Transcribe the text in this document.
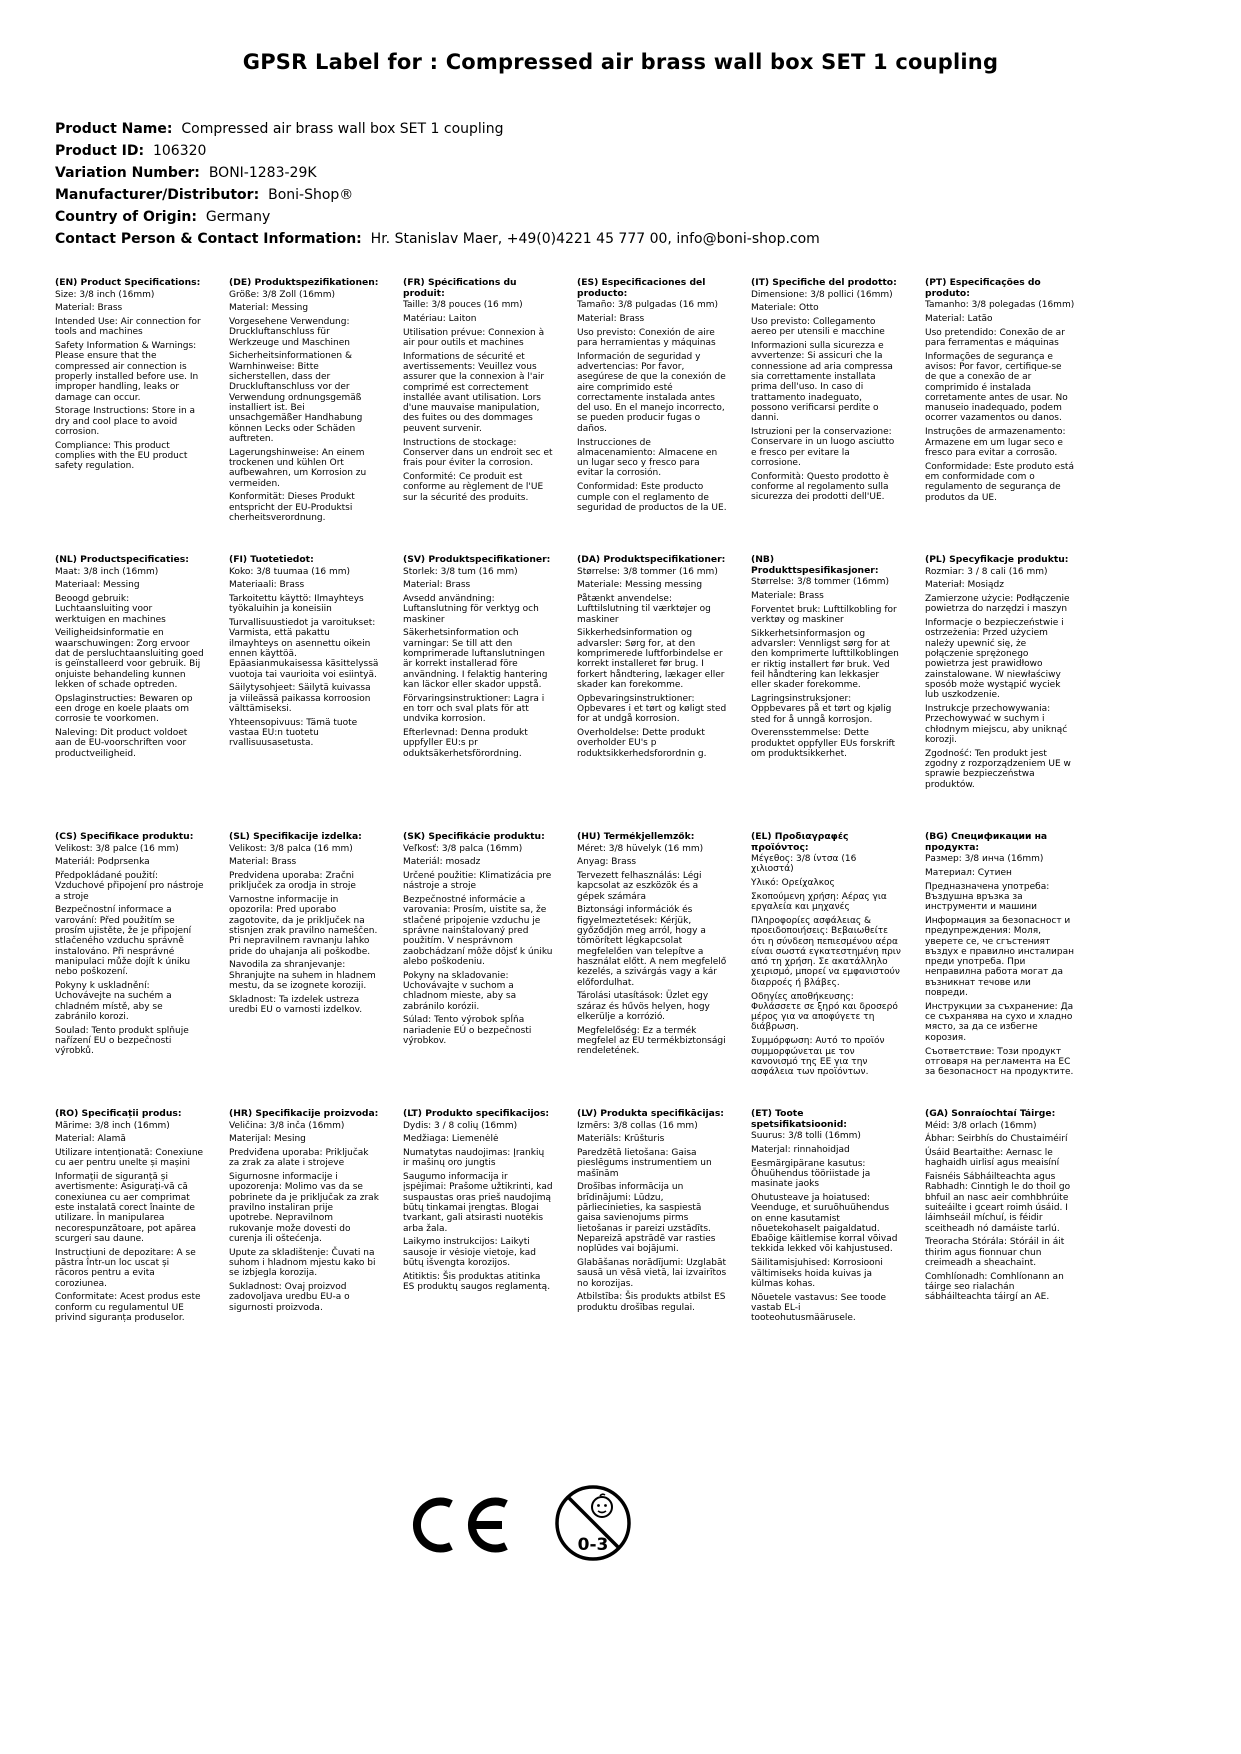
GPSR Label for : Compressed air brass wall box SET 1 coupling
Product Name:  Compressed air brass wall box SET 1 coupling
Product ID:  106320
Variation Number:  BONI-1283-29K
Manufacturer/Distributor:  Boni-Shop®
Country of Origin:  Germany
Contact Person & Contact Information:  Hr. Stanislav Maer, +49(0)4221 45 777 00, info@boni-shop.com
(EN) Product Specifications:

Size: 3/8 inch (16mm)

Material: Brass

Intended Use: Air connection for tools and machines

Safety Information & Warnings: Please ensure that the compressed air connection is properly installed before use. In improper handling, leaks or damage can occur.

Storage Instructions: Store in a dry and cool place to avoid corrosion.

Compliance: This product complies with the EU product safety regulation.

(DE) Produktspezifikationen:

Größe: 3/8 Zoll (16mm)

Material: Messing

Vorgesehene Verwendung: Druckluftanschluss für Werkzeuge und Maschinen

Sicherheitsinformationen & Warnhinweise: Bitte sicherstellen, dass der Druckluftanschluss vor der Verwendung ordnungsgemäß installiert ist. Bei unsachgemäßer Handhabung können Lecks oder Schäden auftreten.

Lagerungshinweise: An einem trockenen und kühlen Ort aufbewahren, um Korrosion zu vermeiden.

Konformität: Dieses Produkt entspricht der EU-Produktsi cherheitsverordnung.

(FR) Spécifications du produit:

Taille: 3/8 pouces (16 mm)

Matériau: Laiton

Utilisation prévue: Connexion à air pour outils et machines

Informations de sécurité et avertissements: Veuillez vous assurer que la connexion à l'air comprimé est correctement installée avant utilisation. Lors d'une mauvaise manipulation, des fuites ou des dommages peuvent survenir.

Instructions de stockage: Conserver dans un endroit sec et frais pour éviter la corrosion.

Conformité: Ce produit est conforme au règlement de l'UE sur la sécurité des produits.

(ES) Especificaciones del producto:

Tamaño: 3/8 pulgadas (16 mm)

Material: Brass

Uso previsto: Conexión de aire para herramientas y máquinas

Información de seguridad y advertencias: Por favor, asegúrese de que la conexión de aire comprimido esté correctamente instalada antes del uso. En el manejo incorrecto, se pueden producir fugas o daños.

Instrucciones de almacenamiento: Almacene en un lugar seco y fresco para evitar la corrosión.

Conformidad: Este producto cumple con el reglamento de seguridad de productos de la UE.

(IT) Specifiche del prodotto:

Dimensione: 3/8 pollici (16mm)

Materiale: Otto

Uso previsto: Collegamento aereo per utensili e macchine

Informazioni sulla sicurezza e avvertenze: Si assicuri che la connessione ad aria compressa sia correttamente installata prima dell'uso. In caso di trattamento inadeguato, possono verificarsi perdite o danni.

Istruzioni per la conservazione: Conservare in un luogo asciutto e fresco per evitare la corrosione.

Conformità: Questo prodotto è conforme al regolamento sulla sicurezza dei prodotti dell'UE.

(PT) Especificações do produto:

Tamanho: 3/8 polegadas (16mm)

Material: Latão

Uso pretendido: Conexão de ar para ferramentas e máquinas

Informações de segurança e avisos: Por favor, certifique-se de que a conexão de ar comprimido é instalada corretamente antes de usar. No manuseio inadequado, podem ocorrer vazamentos ou danos.

Instruções de armazenamento: Armazene em um lugar seco e fresco para evitar a corrosão.

Conformidade: Este produto está em conformidade com o regulamento de segurança de produtos da UE.

(NL) Productspecificaties:

Maat: 3/8 inch (16mm)

Materiaal: Messing

Beoogd gebruik: Luchtaansluiting voor werktuigen en machines

Veiligheidsinformatie en waarschuwingen: Zorg ervoor dat de persluchtaansluiting goed is geïnstalleerd voor gebruik. Bij onjuiste behandeling kunnen lekken of schade optreden.

Opslaginstructies: Bewaren op een droge en koele plaats om corrosie te voorkomen.

Naleving: Dit product voldoet aan de EU-voorschriften voor productveiligheid.

(FI) Tuotetiedot:

Koko: 3/8 tuumaa (16 mm)

Materiaali: Brass

Tarkoitettu käyttö: Ilmayhteys työkaluihin ja koneisiin

Turvallisuustiedot ja varoitukset: Varmista, että pakattu ilmayhteys on asennettu oikein ennen käyttöä. Epäasianmukaisessa käsittelyssä vuotoja tai vaurioita voi esiintyä.

Säilytysohjeet: Säilytä kuivassa ja viileässä paikassa korroosion välttämiseksi.

Yhteensopivuus: Tämä tuote vastaa EU:n tuotetu rvallisuusasetusta.

(SV) Produktspecifikationer:

Storlek: 3/8 tum (16 mm)

Material: Brass

Avsedd användning: Luftanslutning för verktyg och maskiner

Säkerhetsinformation och varningar: Se till att den komprimerade luftanslutningen är korrekt installerad före användning. I felaktig hantering kan läckor eller skador uppstå.

Förvaringsinstruktioner: Lagra i en torr och sval plats för att undvika korrosion.

Efterlevnad: Denna produkt uppfyller EU:s pr oduktsäkerhetsförordning.

(DA) Produktspecifikationer:

Størrelse: 3/8 tommer (16 mm)

Materiale: Messing messing

Påtænkt anvendelse: Lufttilslutning til værktøjer og maskiner

Sikkerhedsinformation og advarsler: Sørg for, at den komprimerede luftforbindelse er korrekt installeret før brug. I forkert håndtering, lækager eller skader kan forekomme.

Opbevaringsinstruktioner: Opbevares i et tørt og køligt sted for at undgå korrosion.

Overholdelse: Dette produkt overholder EU's p roduktsikkerhedsforordnin g.

(NB) Produkttspesifikasjoner:

Størrelse: 3/8 tommer (16mm)

Materiale: Brass

Forventet bruk: Lufttilkobling for verktøy og maskiner

Sikkerhetsinformasjon og advarsler: Vennligst sørg for at den komprimerte lufttilkoblingen er riktig installert før bruk. Ved feil håndtering kan lekkasjer eller skader forekomme.

Lagringsinstruksjoner: Oppbevares på et tørt og kjølig sted for å unngå korrosjon.

Overensstemmelse: Dette produktet oppfyller EUs forskrift om produktsikkerhet.

(PL) Specyfikacje produktu:

Rozmiar: 3 / 8 cali (16 mm)

Materiał: Mosiądz

Zamierzone użycie: Podłączenie powietrza do narzędzi i maszyn

Informacje o bezpieczeństwie i ostrzeżenia: Przed użyciem należy upewnić się, że połączenie sprężonego powietrza jest prawidłowo zainstalowane. W niewłaściwy sposób może wystąpić wyciek lub uszkodzenie.

Instrukcje przechowywania: Przechowywać w suchym i chłodnym miejscu, aby uniknąć korozji.

Zgodność: Ten produkt jest zgodny z rozporządzeniem UE w sprawie bezpieczeństwa produktów.

(CS) Specifikace produktu:

Velikost: 3/8 palce (16 mm)

Materiál: Podprsenka

Předpokládané použití: Vzduchové připojení pro nástroje a stroje

Bezpečnostní informace a varování: Před použitím se prosím ujistěte, že je připojení stlačeného vzduchu správně instalováno. Při nesprávné manipulaci může dojít k úniku nebo poškození.

Pokyny k uskladnění: Uchovávejte na suchém a chladném místě, aby se zabránilo korozi.

Soulad: Tento produkt splňuje nařízení EU o bezpečnosti výrobků.

(SL) Specifikacije izdelka:

Velikost: 3/8 palca (16 mm)

Material: Brass

Predvidena uporaba: Zračni priključek za orodja in stroje

Varnostne informacije in opozorila: Pred uporabo zagotovite, da je priključek na stisnjen zrak pravilno nameščen. Pri nepravilnem ravnanju lahko pride do uhajanja ali poškodbe.

Navodila za shranjevanje: Shranjujte na suhem in hladnem mestu, da se izognete koroziji.

Skladnost: Ta izdelek ustreza uredbi EU o varnosti izdelkov.

(SK) Špecifikácie produktu:

Veľkosť: 3/8 palca (16mm)

Materiál: mosadz

Určené použitie: Klimatizácia pre nástroje a stroje

Bezpečnostné informácie a varovania: Prosím, uistite sa, že stlačené pripojenie vzduchu je správne nainštalovaný pred použitím. V nesprávnom zaobchádzaní môže dôjsť k úniku alebo poškodeniu.

Pokyny na skladovanie: Uchovávajte v suchom a chladnom mieste, aby sa zabránilo korózii.

Súlad: Tento výrobok spĺňa nariadenie EÚ o bezpečnosti výrobkov.

(HU) Termékjellemzők:

Méret: 3/8 hüvelyk (16 mm)

Anyag: Brass

Tervezett felhasználás: Légi kapcsolat az eszközök és a gépek számára

Biztonsági információk és figyelmeztetések: Kérjük, győződjön meg arról, hogy a tömörített légkapcsolat megfelelően van telepítve a használat előtt. A nem megfelelő kezelés, a szivárgás vagy a kár előfordulhat.

Tárolási utasítások: Üzlet egy száraz és hűvös helyen, hogy elkerülje a korrózió.

Megfelelőség: Ez a termék megfelel az EU termékbiztonsági rendeletének.

(EL) Προδιαγραφές προϊόντος:

Μέγεθος: 3/8 ίντσα (16 χιλιοστά)

Υλικό: Ορείχαλκος

Σκοπούμενη χρήση: Αέρας για εργαλεία και μηχανές

Πληροφορίες ασφάλειας & προειδοποιήσεις: Βεβαιωθείτε ότι η σύνδεση πεπιεσμένου αέρα είναι σωστά εγκατεστημένη πριν από τη χρήση. Σε ακατάλληλο χειρισμό, μπορεί να εμφανιστούν διαρροές ή βλάβες.

Οδηγίες αποθήκευσης: Φυλάσσετε σε ξηρό και δροσερό μέρος για να αποφύγετε τη διάβρωση.

Συμμόρφωση: Αυτό το προϊόν συμμορφώνεται με τον κανονισμό της ΕΕ για την ασφάλεια των προϊόντων.

(BG) Спецификации на продукта:

Размер: 3/8 инча (16mm)

Материал: Сутиен

Предназначена употреба: Въздушна връзка за инструменти и машини

Информация за безопасност и предупреждения: Моля, уверете се, че сгъстеният въздух е правилно инсталиран преди употреба. При неправилна работа могат да възникнат течове или повреди.

Инструкции за съхранение: Да се съхранява на сухо и хладно място, за да се избегне корозия.

Съответствие: Този продукт отговаря на регламента на ЕС за безопасност на продуктите.

(RO) Specificații produs:

Mărime: 3/8 inch (16mm)

Material: Alamă

Utilizare intenționată: Conexiune cu aer pentru unelte și mașini

Informații de siguranță și avertismente: Asigurați-vă că conexiunea cu aer comprimat este instalată corect înainte de utilizare. În manipularea necorespunzătoare, pot apărea scurgeri sau daune.

Instrucțiuni de depozitare: A se păstra într-un loc uscat și răcoros pentru a evita coroziunea.

Conformitate: Acest produs este conform cu regulamentul UE privind siguranța produselor.

(HR) Specifikacije proizvoda:

Veličina: 3/8 inča (16mm)

Materijal: Mesing

Predviđena uporaba: Priključak za zrak za alate i strojeve

Sigurnosne informacije i upozorenja: Molimo vas da se pobrinete da je priključak za zrak pravilno instaliran prije upotrebe. Nepravilnom rukovanje može dovesti do curenja ili oštećenja.

Upute za skladištenje: Čuvati na suhom i hladnom mjestu kako bi se izbjegla korozija.

Sukladnost: Ovaj proizvod zadovoljava uredbu EU-a o sigurnosti proizvoda.

(LT) Produkto specifikacijos:

Dydis: 3 / 8 colių (16mm)

Medžiaga: Liemenėlė

Numatytas naudojimas: Įrankių ir mašinų oro jungtis

Saugumo informacija ir įspėjimai: Prašome užtikrinti, kad suspaustas oras prieš naudojimą būtų tinkamai įrengtas. Blogai tvarkant, gali atsirasti nuotėkis arba žala.

Laikymo instrukcijos: Laikyti sausoje ir vėsioje vietoje, kad būtų išvengta korozijos.

Atitiktis: Šis produktas atitinka ES produktų saugos reglamentą.

(LV) Produkta specifikācijas:

Izmērs: 3/8 collas (16 mm)

Materiāls: Krūšturis

Paredzētā lietošana: Gaisa pieslēgums instrumentiem un mašīnām

Drošības informācija un brīdinājumi: Lūdzu, pārliecinieties, ka saspiestā gaisa savienojums pirms lietošanas ir pareizi uzstādīts. Nepareizā apstrādē var rasties noplūdes vai bojājumi.

Glabāšanas norādījumi: Uzglabāt sausā un vēsā vietā, lai izvairītos no korozijas.

Atbilstība: Šis produkts atbilst ES produktu drošības regulai.

(ET) Toote spetsifikatsioonid:

Suurus: 3/8 tolli (16mm)

Materjal: rinnahoidjad

Eesmärgipärane kasutus: Õhuühendus tööriistade ja masinate jaoks

Ohutusteave ja hoiatused: Veenduge, et suruõhuühendus on enne kasutamist nõuetekohaselt paigaldatud. Ebaõige käitlemise korral võivad tekkida lekked või kahjustused.

Säilitamisjuhised: Korrosiooni vältimiseks hoida kuivas ja külmas kohas.

Nõuetele vastavus: See toode vastab EL-i tooteohutusmäärusele.

(GA) Sonraíochtaí Táirge:

Méid: 3/8 orlach (16mm)

Ábhar: Seirbhís do Chustaiméirí

Úsáid Beartaithe: Aernasc le haghaidh uirlisí agus meaisíní

Faisnéis Sábháilteachta agus Rabhadh: Cinntigh le do thoil go bhfuil an nasc aeir comhbhrúite suiteáilte i gceart roimh úsáid. I láimhseáil míchuí, is féidir sceitheadh nó damáiste tarlú.

Treoracha Stórála: Stóráil in áit thirim agus fionnuar chun creimeadh a sheachaint.

Comhlíonadh: Comhlíonann an táirge seo rialachán sábháilteachta táirgí an AE.

0-3
